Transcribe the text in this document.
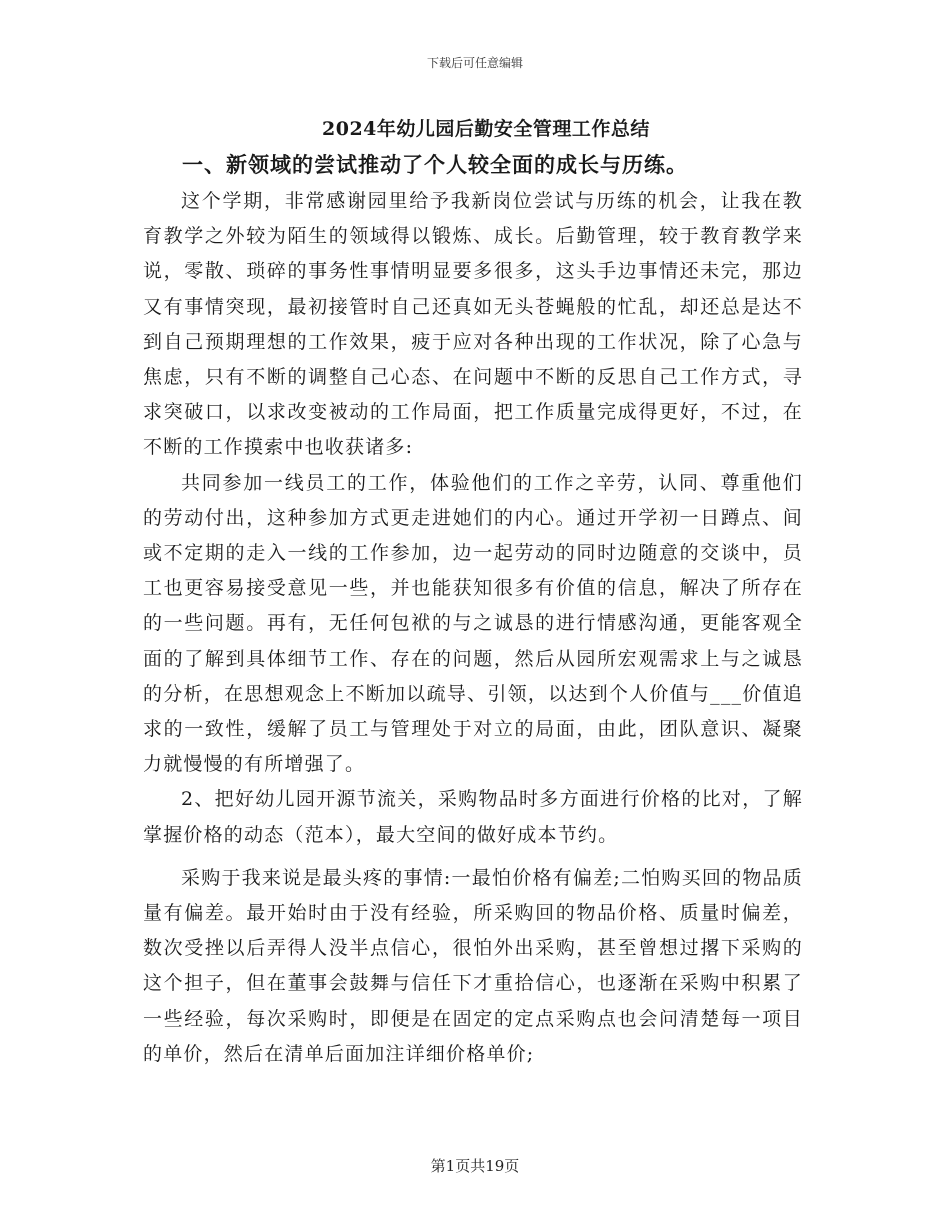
下载后可任意编辑
2024年幼儿园后勤安全管理工作总结
一、新领域的尝试推动了个人较全面的成长与历练。

这个学期，非常感谢园里给予我新岗位尝试与历练的机会，让我在教育教学之外较为陌生的领域得以锻炼、成长。后勤管理，较于教育教学来说，零散、琐碎的事务性事情明显要多很多，这头手边事情还未完，那边又有事情突现，最初接管时自己还真如无头苍蝇般的忙乱，却还总是达不到自己预期理想的工作效果，疲于应对各种出现的工作状况，除了心急与焦虑，只有不断的调整自己心态、在问题中不断的反思自己工作方式，寻求突破口，以求改变被动的工作局面，把工作质量完成得更好，不过，在不断的工作摸索中也收获诸多:

共同参加一线员工的工作，体验他们的工作之辛劳，认同、尊重他们的劳动付出，这种参加方式更走进她们的内心。通过开学初一日蹲点、间或不定期的走入一线的工作参加，边一起劳动的同时边随意的交谈中，员工也更容易接受意见一些，并也能获知很多有价值的信息，解决了所存在的一些问题。再有，无任何包袱的与之诚恳的进行情感沟通，更能客观全面的了解到具体细节工作、存在的问题，然后从园所宏观需求上与之诚恳的分析，在思想观念上不断加以疏导、引领，以达到个人价值与___价值追求的一致性，缓解了员工与管理处于对立的局面，由此，团队意识、凝聚力就慢慢的有所增强了。

2、把好幼儿园开源节流关，采购物品时多方面进行价格的比对，了解掌握价格的动态（范本），最大空间的做好成本节约。

采购于我来说是最头疼的事情:一最怕价格有偏差;二怕购买回的物品质量有偏差。最开始时由于没有经验，所采购回的物品价格、质量时偏差，数次受挫以后弄得人没半点信心，很怕外出采购，甚至曾想过撂下采购的这个担子，但在董事会鼓舞与信任下才重拾信心，也逐渐在采购中积累了一些经验，每次采购时，即便是在固定的定点采购点也会问清楚每一项目的单价，然后在清单后面加注详细价格单价;

第1页共19页
